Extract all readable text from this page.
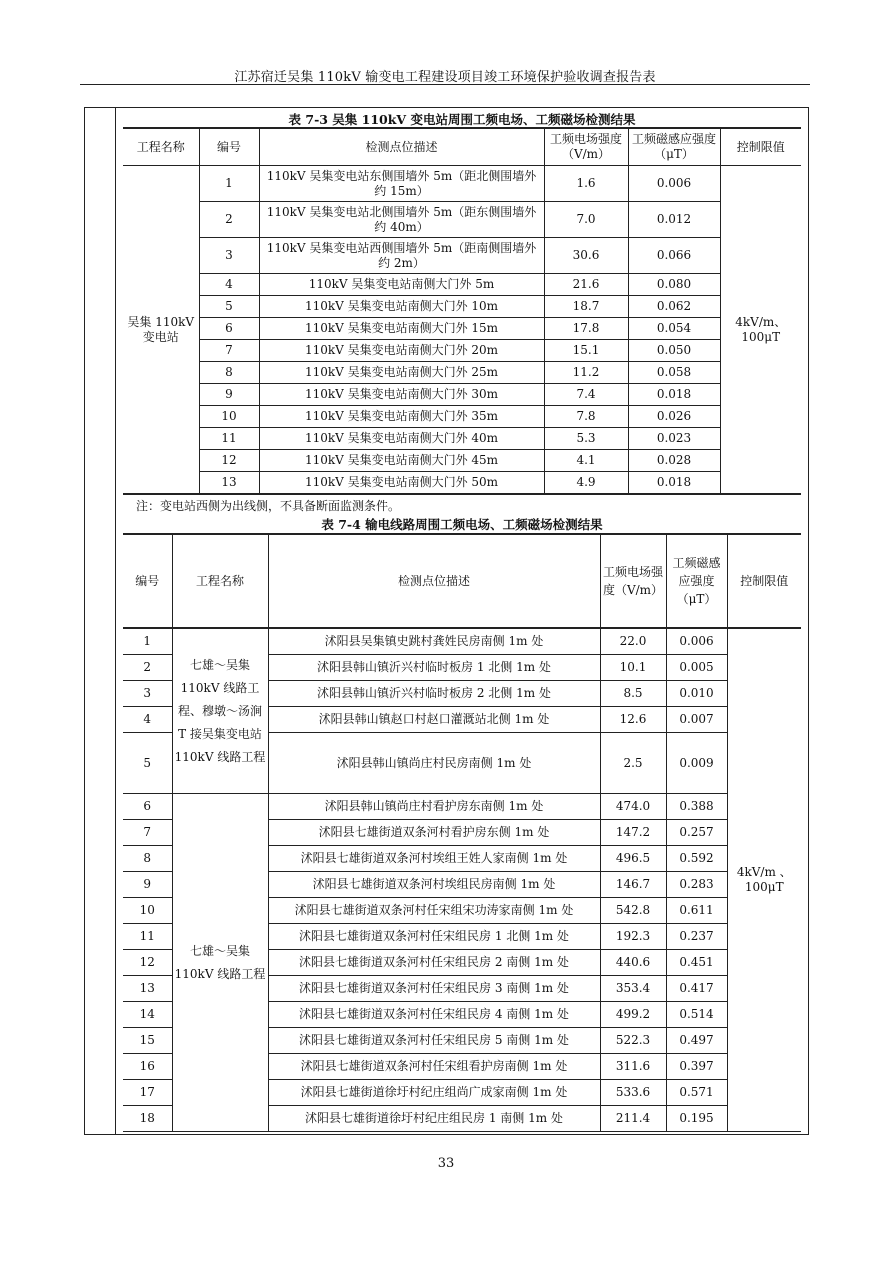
江苏宿迁吴集 110kV 输变电工程建设项目竣工环境保护验收调查报告表
表 7-3 吴集 110kV 变电站周围工频电场、工频磁场检测结果
工程名称	编号	检测点位描述	工频电场强度（V/m）	工频磁感应强度（μT）	控制限值
吴集 110kV 变电站	1	110kV 吴集变电站东侧围墙外 5m（距北侧围墙外约 15m）	1.6	0.006	4kV/m、100μT
	2	110kV 吴集变电站北侧围墙外 5m（距东侧围墙外约 40m）	7.0	0.012	
	3	110kV 吴集变电站西侧围墙外 5m（距南侧围墙外约 2m）	30.6	0.066	
	4	110kV 吴集变电站南侧大门外 5m	21.6	0.080	
	5	110kV 吴集变电站南侧大门外 10m	18.7	0.062	
	6	110kV 吴集变电站南侧大门外 15m	17.8	0.054	
	7	110kV 吴集变电站南侧大门外 20m	15.1	0.050	
	8	110kV 吴集变电站南侧大门外 25m	11.2	0.058	
	9	110kV 吴集变电站南侧大门外 30m	7.4	0.018	
	10	110kV 吴集变电站南侧大门外 35m	7.8	0.026	
	11	110kV 吴集变电站南侧大门外 40m	5.3	0.023	
	12	110kV 吴集变电站南侧大门外 45m	4.1	0.028	
	13	110kV 吴集变电站南侧大门外 50m	4.9	0.018	
注：变电站西侧为出线侧，不具备断面监测条件。
表 7-4 输电线路周围工频电场、工频磁场检测结果
编号	工程名称	检测点位描述	工频电场强度（V/m）	工频磁感应强度（μT）	控制限值
1	七雄～吴集 110kV 线路工程、穆墩～汤涧 T 接吴集变电站 110kV 线路工程	沭阳县吴集镇史跳村龚姓民房南侧 1m 处	22.0	0.006	4kV/m 、100μT
2		沭阳县韩山镇沂兴村临时板房 1 北侧 1m 处	10.1	0.005	
3		沭阳县韩山镇沂兴村临时板房 2 北侧 1m 处	8.5	0.010	
4		沭阳县韩山镇赵口村赵口灌溉站北侧 1m 处	12.6	0.007	
5		沭阳县韩山镇尚庄村民房南侧 1m 处	2.5	0.009	
6	七雄～吴集 110kV 线路工程	沭阳县韩山镇尚庄村看护房东南侧 1m 处	474.0	0.388	
7		沭阳县七雄街道双条河村看护房东侧 1m 处	147.2	0.257	
8		沭阳县七雄街道双条河村埃组王姓人家南侧 1m 处	496.5	0.592	
9		沭阳县七雄街道双条河村埃组民房南侧 1m 处	146.7	0.283	
10		沭阳县七雄街道双条河村任宋组宋功涛家南侧 1m 处	542.8	0.611	
11		沭阳县七雄街道双条河村任宋组民房 1 北侧 1m 处	192.3	0.237	
12		沭阳县七雄街道双条河村任宋组民房 2 南侧 1m 处	440.6	0.451	
13		沭阳县七雄街道双条河村任宋组民房 3 南侧 1m 处	353.4	0.417	
14		沭阳县七雄街道双条河村任宋组民房 4 南侧 1m 处	499.2	0.514	
15		沭阳县七雄街道双条河村任宋组民房 5 南侧 1m 处	522.3	0.497	
16		沭阳县七雄街道双条河村任宋组看护房南侧 1m 处	311.6	0.397	
17		沭阳县七雄街道徐圩村纪庄组尚广成家南侧 1m 处	533.6	0.571	
18		沭阳县七雄街道徐圩村纪庄组民房 1 南侧 1m 处	211.4	0.195	
33
